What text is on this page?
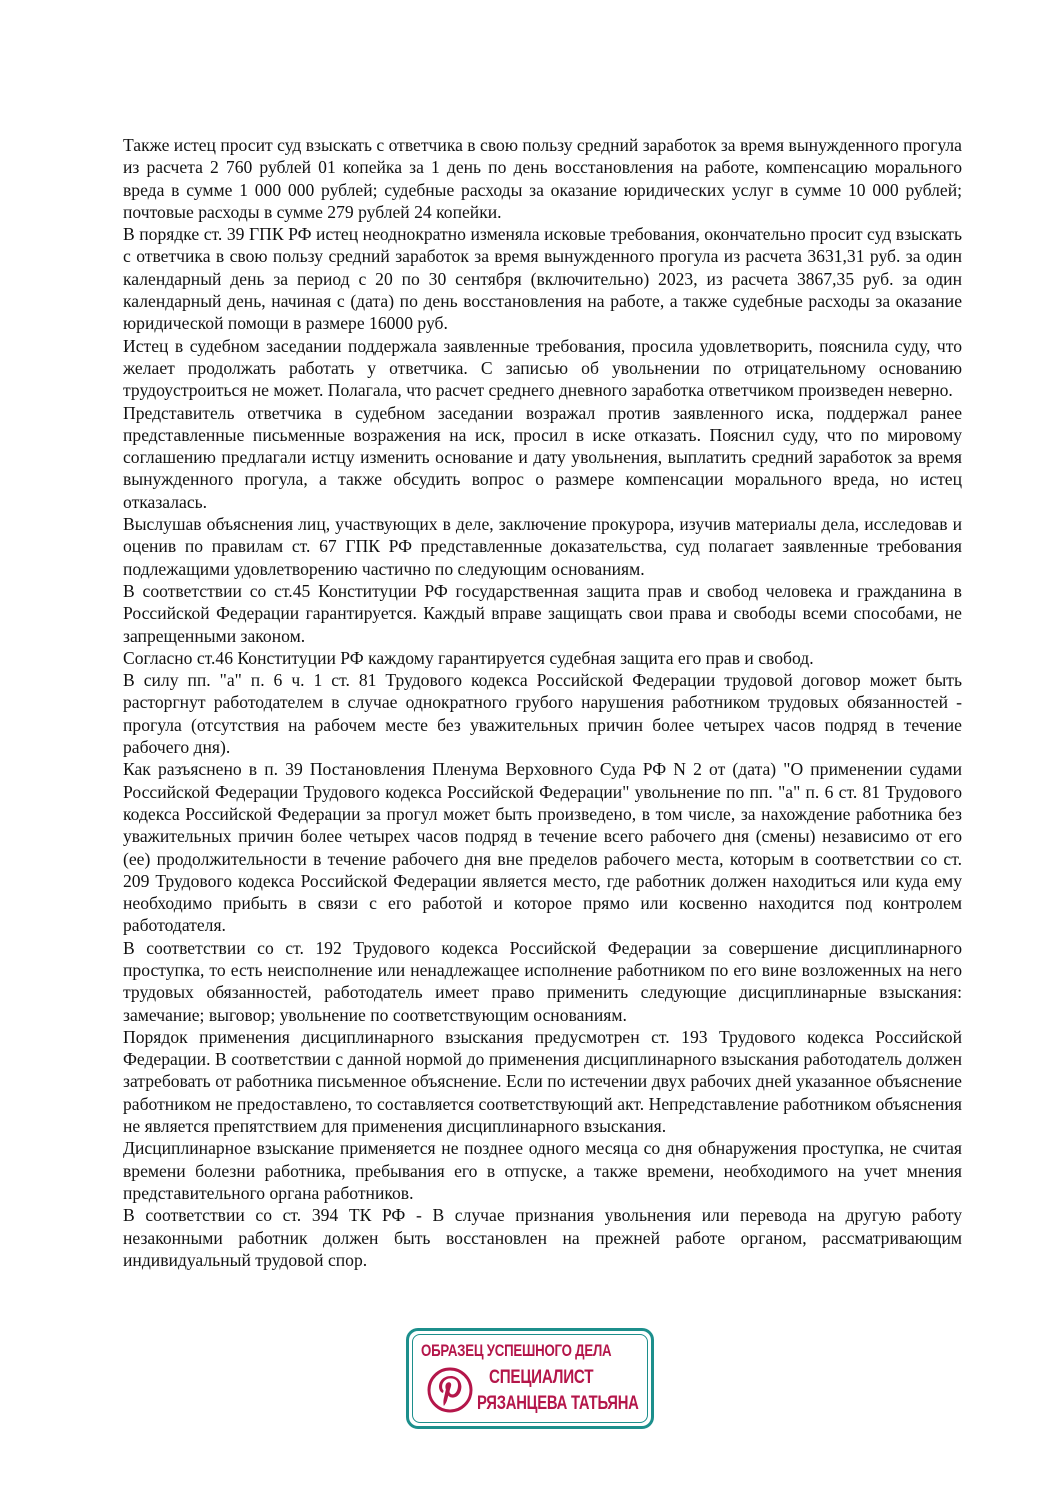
Также истец просит суд взыскать с ответчика в свою пользу средний заработок за время вынужденного прогула из расчета 2 760 рублей 01 копейка за 1 день по день восстановления на работе, компенсацию морального вреда в сумме 1 000 000 рублей; судебные расходы за оказание юридических услуг в сумме 10 000 рублей; почтовые расходы в сумме 279 рублей 24 копейки.

В порядке ст. 39 ГПК РФ истец неоднократно изменяла исковые требования, окончательно просит суд взыскать с ответчика в свою пользу средний заработок за время вынужденного прогула из расчета 3631,31 руб. за один календарный день за период с 20 по 30 сентября (включительно) 2023, из расчета 3867,35 руб. за один календарный день, начиная с (дата) по день восстановления на работе, а также судебные расходы за оказание юридической помощи в размере 16000 руб.

Истец в судебном заседании поддержала заявленные требования, просила удовлетворить, пояснила суду, что желает продолжать работать у ответчика. С записью об увольнении по отрицательному основанию трудоустроиться не может. Полагала, что расчет среднего дневного заработка ответчиком произведен неверно.

Представитель ответчика в судебном заседании возражал против заявленного иска, поддержал ранее представленные письменные возражения на иск, просил в иске отказать. Пояснил суду, что по мировому соглашению предлагали истцу изменить основание и дату увольнения, выплатить средний заработок за время вынужденного прогула, а также обсудить вопрос о размере компенсации морального вреда, но истец отказалась.

Выслушав объяснения лиц, участвующих в деле, заключение прокурора, изучив материалы дела, исследовав и оценив по правилам ст. 67 ГПК РФ представленные доказательства, суд полагает заявленные требования подлежащими удовлетворению частично по следующим основаниям.

В соответствии со ст.45 Конституции РФ государственная защита прав и свобод человека и гражданина в Российской Федерации гарантируется. Каждый вправе защищать свои права и свободы всеми способами, не запрещенными законом.

Согласно ст.46 Конституции РФ каждому гарантируется судебная защита его прав и свобод.

В силу пп. "а" п. 6 ч. 1 ст. 81 Трудового кодекса Российской Федерации трудовой договор может быть расторгнут работодателем в случае однократного грубого нарушения работником трудовых обязанностей - прогула (отсутствия на рабочем месте без уважительных причин более четырех часов подряд в течение рабочего дня).

Как разъяснено в п. 39 Постановления Пленума Верховного Суда РФ N 2 от (дата) "О применении судами Российской Федерации Трудового кодекса Российской Федерации" увольнение по пп. "а" п. 6 ст. 81 Трудового кодекса Российской Федерации за прогул может быть произведено, в том числе, за нахождение работника без уважительных причин более четырех часов подряд в течение всего рабочего дня (смены) независимо от его (ее) продолжительности в течение рабочего дня вне пределов рабочего места, которым в соответствии со ст. 209 Трудового кодекса Российской Федерации является место, где работник должен находиться или куда ему необходимо прибыть в связи с его работой и которое прямо или косвенно находится под контролем работодателя.

В соответствии со ст. 192 Трудового кодекса Российской Федерации за совершение дисциплинарного проступка, то есть неисполнение или ненадлежащее исполнение работником по его вине возложенных на него трудовых обязанностей, работодатель имеет право применить следующие дисциплинарные взыскания: замечание; выговор; увольнение по соответствующим основаниям.

Порядок применения дисциплинарного взыскания предусмотрен ст. 193 Трудового кодекса Российской Федерации. В соответствии с данной нормой до применения дисциплинарного взыскания работодатель должен затребовать от работника письменное объяснение. Если по истечении двух рабочих дней указанное объяснение работником не предоставлено, то составляется соответствующий акт. Непредставление работником объяснения не является препятствием для применения дисциплинарного взыскания.

Дисциплинарное взыскание применяется не позднее одного месяца со дня обнаружения проступка, не считая времени болезни работника, пребывания его в отпуске, а также времени, необходимого на учет мнения представительного органа работников.

В соответствии со ст. 394 ТК РФ - В случае признания увольнения или перевода на другую работу незаконными работник должен быть восстановлен на прежней работе органом, рассматривающим индивидуальный трудовой спор.

ОБРАЗЕЦ УСПЕШНОГО ДЕЛА
СПЕЦИАЛИСТ
РЯЗАНЦЕВА ТАТЬЯНА
